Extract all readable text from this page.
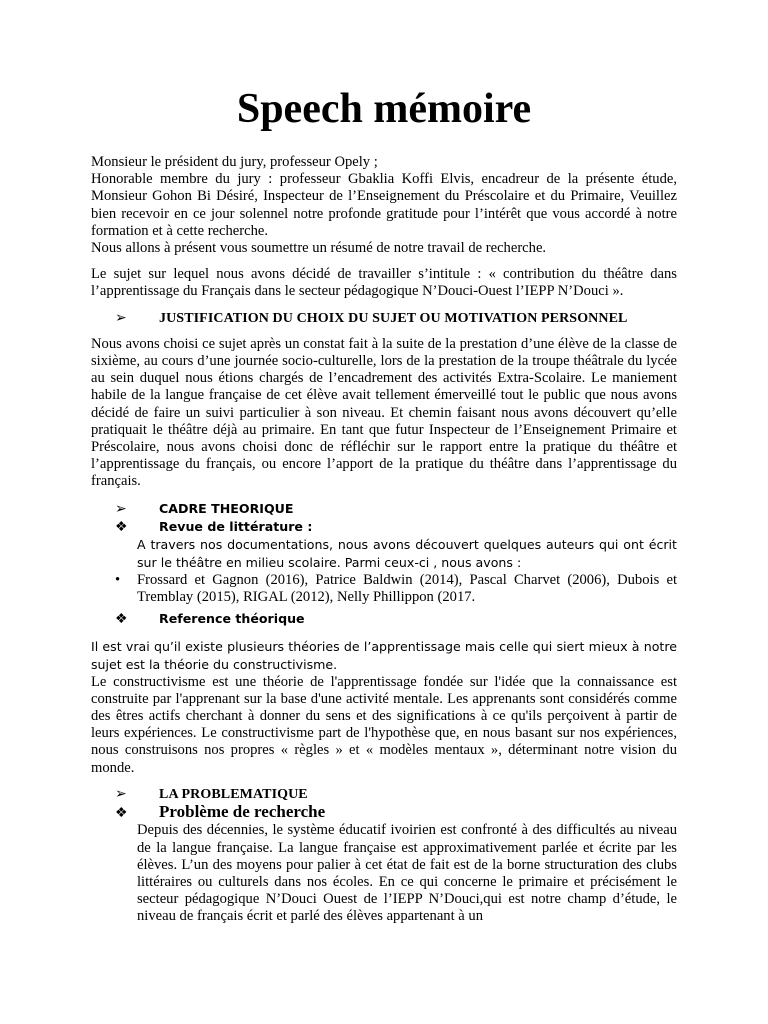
Speech mémoire

Monsieur le président du jury, professeur Opely ;

Honorable membre du jury : professeur Gbaklia Koffi Elvis, encadreur de la présente étude, Monsieur Gohon Bi Désiré, Inspecteur de l’Enseignement du Préscolaire et du Primaire, Veuillez bien recevoir en ce jour solennel notre profonde gratitude pour l’intérêt que vous accordé à notre formation et à cette recherche.

Nous allons à présent vous soumettre un résumé de notre travail de recherche.

Le sujet sur lequel nous avons décidé de travailler s’intitule : « contribution du théâtre dans l’apprentissage du Français dans le secteur pédagogique N’Douci-Ouest l’IEPP N’Douci ».

➢	JUSTIFICATION DU CHOIX DU SUJET OU MOTIVATION PERSONNEL

Nous avons choisi ce sujet après un constat fait à la suite de la prestation d’une élève de la classe de sixième, au cours d’une journée socio-culturelle, lors de la prestation de la troupe théâtrale du lycée au sein duquel nous étions chargés de l’encadrement des activités Extra-Scolaire. Le maniement habile de la langue française de cet élève avait tellement émerveillé tout le public que nous avons décidé de faire un suivi particulier à son niveau. Et chemin faisant nous avons découvert qu’elle pratiquait le théâtre déjà au primaire. En tant que futur Inspecteur de l’Enseignement Primaire et Préscolaire, nous avons choisi donc de réfléchir sur le rapport entre la pratique du théâtre et l’apprentissage du français, ou encore l’apport de la pratique du théâtre dans l’apprentissage du français.

➢	CADRE THEORIQUE
❖	Revue de littérature :

A travers nos documentations, nous avons découvert quelques auteurs qui ont écrit sur le théâtre en milieu scolaire. Parmi ceux-ci , nous avons :

•	Frossard et Gagnon (2016), Patrice Baldwin (2014), Pascal Charvet (2006), Dubois et Tremblay (2015), RIGAL (2012), Nelly Phillippon (2017.

❖	Reference théorique

Il est vrai qu’il existe plusieurs théories de l’apprentissage mais celle qui siert mieux à notre sujet est la théorie du constructivisme.

Le constructivisme est une théorie de l'apprentissage fondée sur l'idée que la connaissance est construite par l'apprenant sur la base d'une activité mentale. Les apprenants sont considérés comme des êtres actifs cherchant à donner du sens et des significations à ce qu'ils perçoivent à partir de leurs expériences. Le constructivisme part de l'hypothèse que, en nous basant sur nos expériences, nous construisons nos propres « règles » et « modèles mentaux », déterminant notre vision du monde.

➢	LA PROBLEMATIQUE
❖	Problème de recherche

Depuis des décennies, le système éducatif ivoirien est confronté à des difficultés au niveau de la langue française. La langue française est approximativement parlée et écrite par les élèves. L’un des moyens pour palier à cet état de fait est de la borne structuration des clubs littéraires ou culturels dans nos écoles. En ce qui concerne le primaire et précisément le secteur pédagogique N’Douci Ouest de l’IEPP N’Douci,qui est notre champ d’étude, le niveau de français écrit et parlé des élèves appartenant à un
